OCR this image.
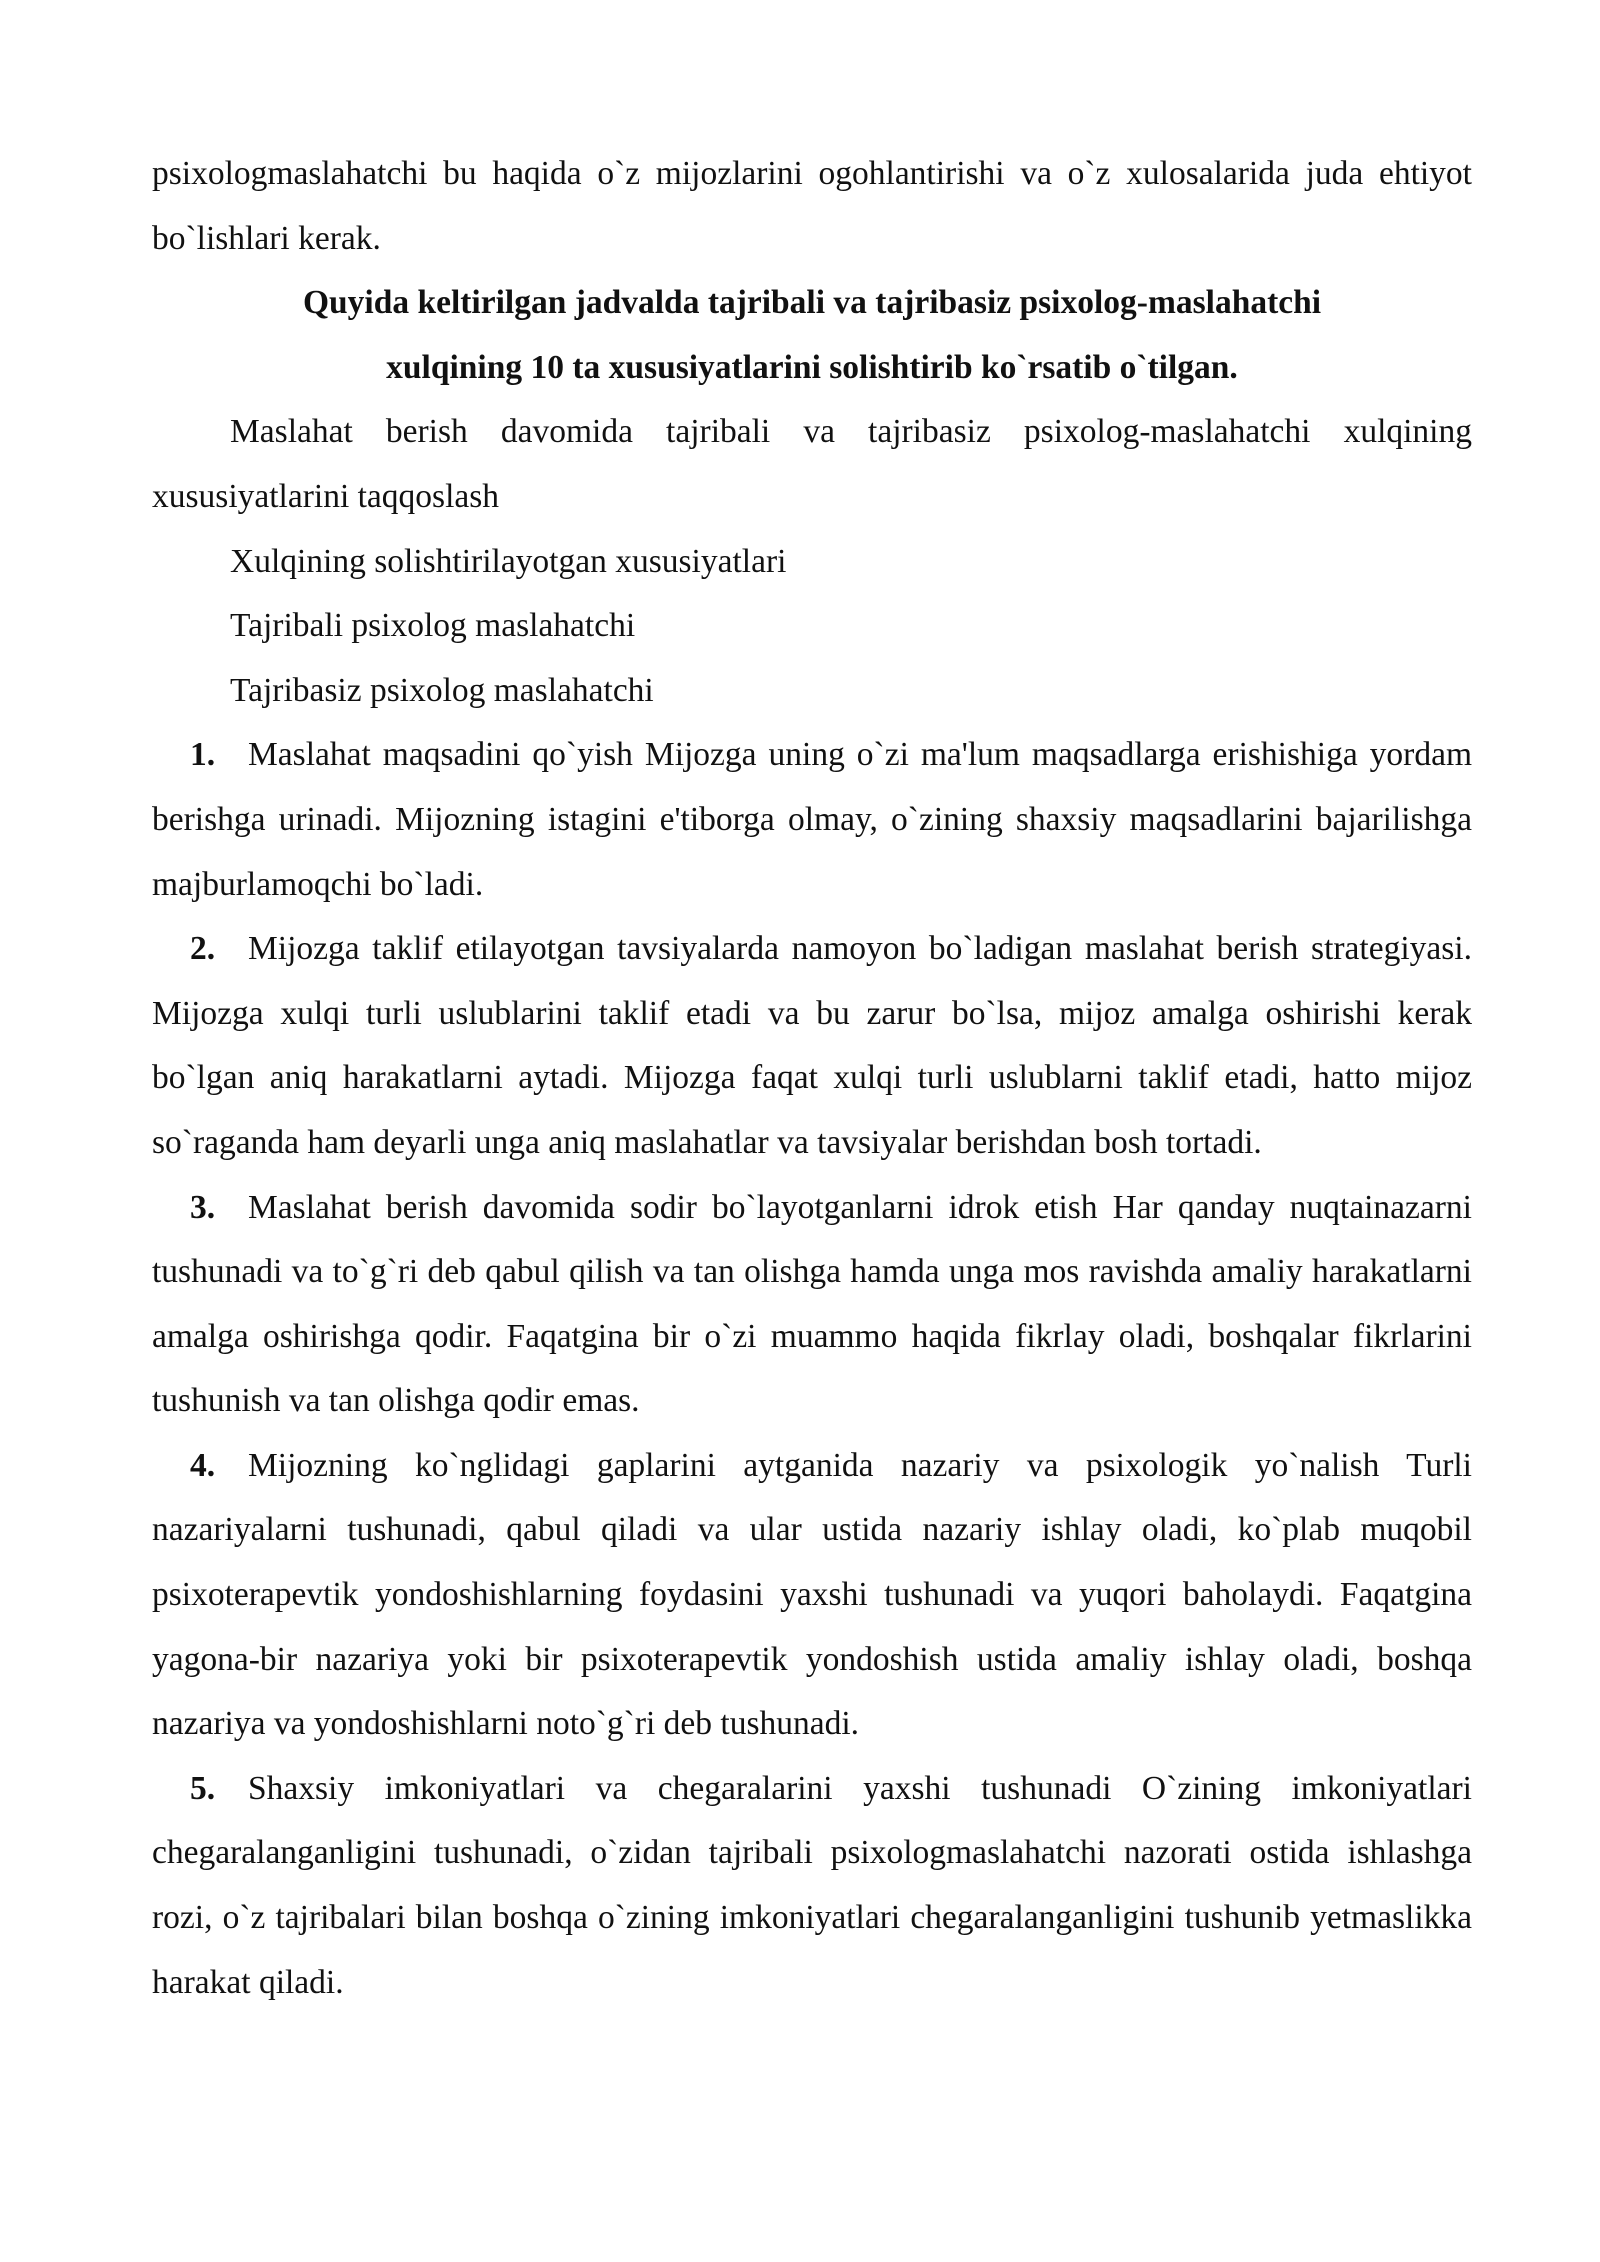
psixologmaslahatchi bu haqida o`z mijozlarini ogohlantirishi va o`z xulosalarida juda ehtiyot bo`lishlari kerak.

Quyida keltirilgan jadvalda tajribali va tajribasiz psixolog-maslahatchi
xulqining 10 ta xususiyatlarini solishtirib ko`rsatib o`tilgan.

Maslahat berish davomida tajribali va tajribasiz psixolog-maslahatchi xulqining xususiyatlarini taqqoslash

Xulqining solishtirilayotgan xususiyatlari

Tajribali psixolog maslahatchi

Tajribasiz psixolog maslahatchi

1. Maslahat maqsadini qo`yish Mijozga uning o`zi ma'lum maqsadlarga erishishiga yordam berishga urinadi. Mijozning istagini e'tiborga olmay, o`zining shaxsiy maqsadlarini bajarilishga majburlamoqchi bo`ladi.

2. Mijozga taklif etilayotgan tavsiyalarda namoyon bo`ladigan maslahat berish strategiyasi. Mijozga xulqi turli uslublarini taklif etadi va bu zarur bo`lsa, mijoz amalga oshirishi kerak bo`lgan aniq harakatlarni aytadi. Mijozga faqat xulqi turli uslublarni taklif etadi, hatto mijoz so`raganda ham deyarli unga aniq maslahatlar va tavsiyalar berishdan bosh tortadi.

3. Maslahat berish davomida sodir bo`layotganlarni idrok etish Har qanday nuqtainazarni tushunadi va to`g`ri deb qabul qilish va tan olishga hamda unga mos ravishda amaliy harakatlarni amalga oshirishga qodir. Faqatgina bir o`zi muammo haqida fikrlay oladi, boshqalar fikrlarini tushunish va tan olishga qodir emas.

4. Mijozning ko`nglidagi gaplarini aytganida nazariy va psixologik yo`nalish Turli nazariyalarni tushunadi, qabul qiladi va ular ustida nazariy ishlay oladi, ko`plab muqobil psixoterapevtik yondoshishlarning foydasini yaxshi tushunadi va yuqori baholaydi. Faqatgina yagona-bir nazariya yoki bir psixoterapevtik yondoshish ustida amaliy ishlay oladi, boshqa nazariya va yondoshishlarni noto`g`ri deb tushunadi.

5. Shaxsiy imkoniyatlari va chegaralarini yaxshi tushunadi O`zining imkoniyatlari chegaralanganligini tushunadi, o`zidan tajribali psixologmaslahatchi nazorati ostida ishlashga rozi, o`z tajribalari bilan boshqa o`zining imkoniyatlari chegaralanganligini tushunib yetmaslikka harakat qiladi.
